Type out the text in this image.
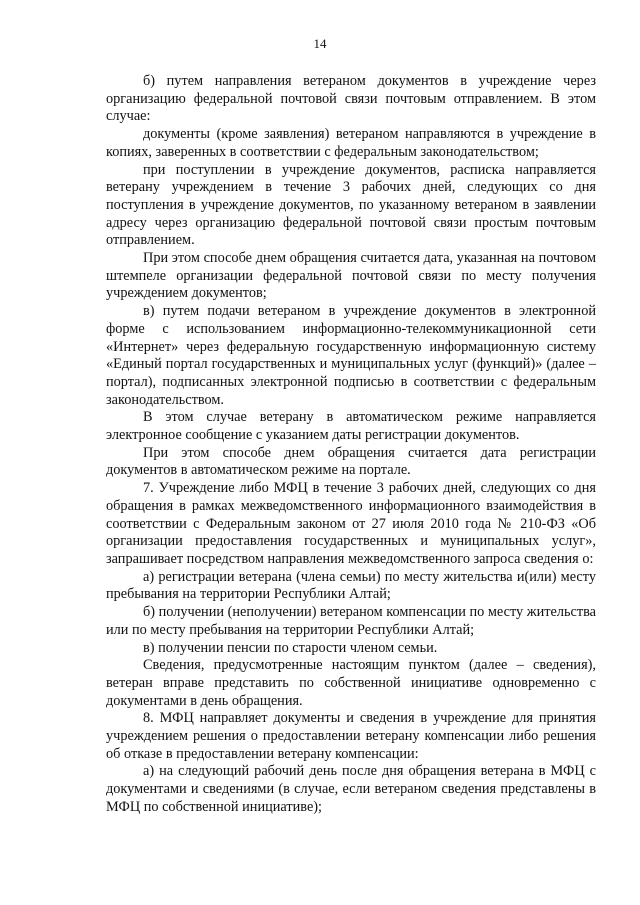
14

б) путем направления ветераном документов в учреждение через организацию федеральной почтовой связи почтовым отправлением. В этом случае:

документы (кроме заявления) ветераном направляются в учреждение в копиях, заверенных в соответствии с федеральным законодательством;

при поступлении в учреждение документов, расписка направляется ветерану учреждением в течение 3 рабочих дней, следующих со дня поступления в учреждение документов, по указанному ветераном в заявлении адресу через организацию федеральной почтовой связи простым почтовым отправлением.

При этом способе днем обращения считается дата, указанная на почтовом штемпеле организации федеральной почтовой связи по месту получения учреждением документов;

в) путем подачи ветераном в учреждение документов в электронной форме с использованием информационно-телекоммуникационной сети «Интернет» через федеральную государственную информационную систему «Единый портал государственных и муниципальных услуг (функций)» (далее – портал), подписанных электронной подписью в соответствии с федеральным законодательством.

В этом случае ветерану в автоматическом режиме направляется электронное сообщение с указанием даты регистрации документов.

При этом способе днем обращения считается дата регистрации документов в автоматическом режиме на портале.

7. Учреждение либо МФЦ в течение 3 рабочих дней, следующих со дня обращения в рамках межведомственного информационного взаимодействия в соответствии с Федеральным законом от 27 июля 2010 года № 210-ФЗ «Об организации предоставления государственных и муниципальных услуг», запрашивает посредством направления межведомственного запроса сведения о:

а) регистрации ветерана (члена семьи) по месту жительства и(или) месту пребывания на территории Республики Алтай;

б) получении (неполучении) ветераном компенсации по месту жительства или по месту пребывания на территории Республики Алтай;

в) получении пенсии по старости членом семьи.

Сведения, предусмотренные настоящим пунктом (далее – сведения), ветеран вправе представить по собственной инициативе одновременно с документами в день обращения.

8. МФЦ направляет документы и сведения в учреждение для принятия учреждением решения о предоставлении ветерану компенсации либо решения об отказе в предоставлении ветерану компенсации:

а) на следующий рабочий день после дня обращения ветерана в МФЦ с документами и сведениями (в случае, если ветераном сведения представлены в МФЦ по собственной инициативе);
